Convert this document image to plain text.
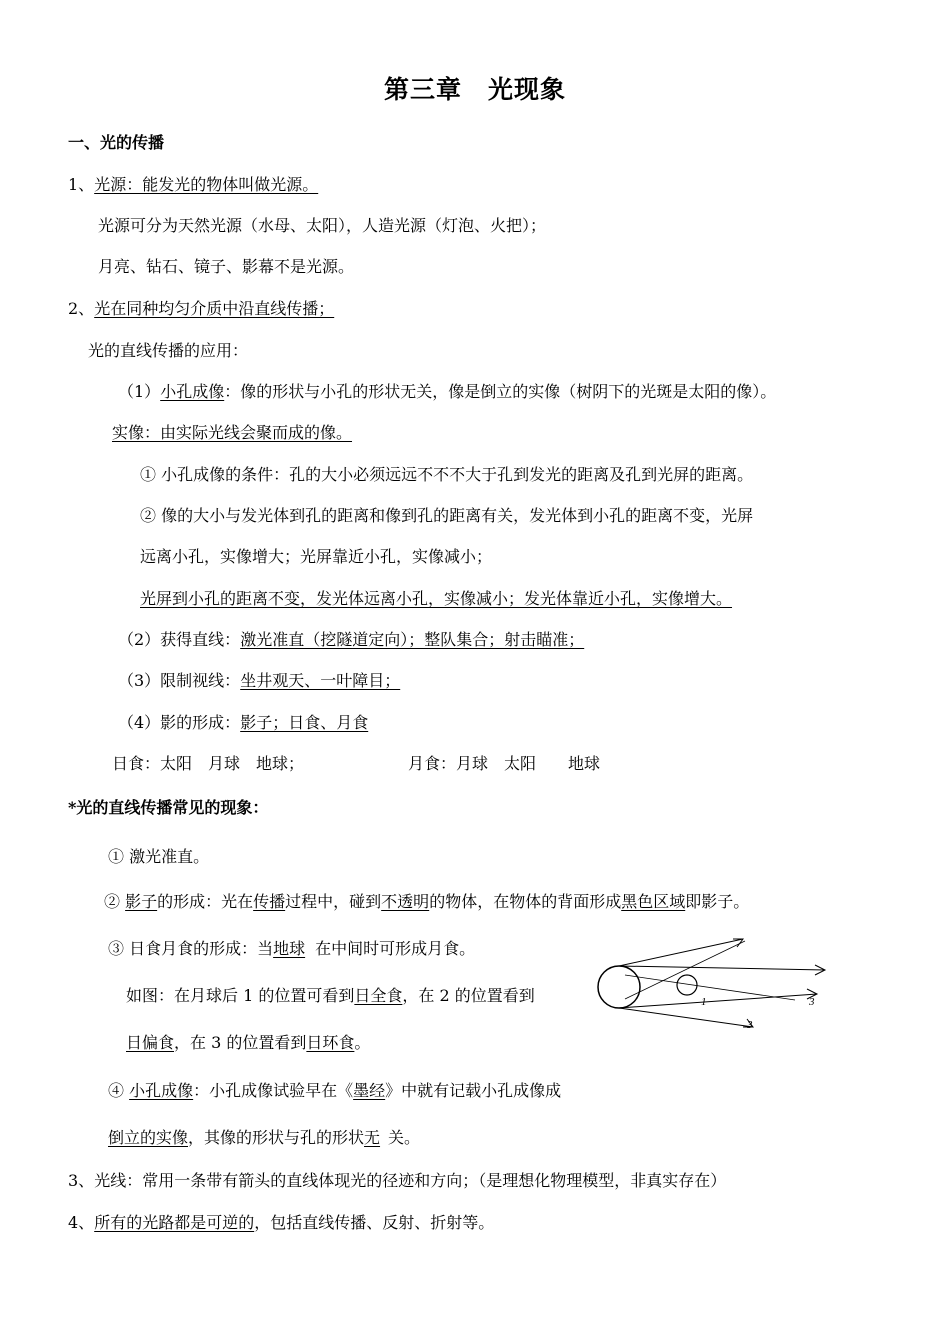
第三章　光现象
一、光的传播
1、光源：能发光的物体叫做光源。
光源可分为天然光源（水母、太阳），人造光源（灯泡、火把）；
月亮、钻石、镜子、影幕不是光源。
2、光在同种均匀介质中沿直线传播；
光的直线传播的应用：
（1）小孔成像：像的形状与小孔的形状无关，像是倒立的实像（树阴下的光斑是太阳的像）。
实像：由实际光线会聚而成的像。
① 小孔成像的条件：孔的大小必须远远不不不大于孔到发光的距离及孔到光屏的距离。
② 像的大小与发光体到孔的距离和像到孔的距离有关，发光体到小孔的距离不变，光屏
远离小孔，实像增大；光屏靠近小孔，实像减小；
光屏到小孔的距离不变，发光体远离小孔，实像减小；发光体靠近小孔，实像增大。
（2）获得直线：激光准直（挖隧道定向）；整队集合；射击瞄准；
（3）限制视线：坐井观天、一叶障目；
（4）影的形成：影子；日食、月食
日食：太阳　月球　地球；	月食：月球　太阳　　地球
*光的直线传播常见的现象：
① 激光准直。
② 影子的形成：光在传播过程中，碰到不透明的物体，在物体的背面形成黑色区域即影子。
③ 日食月食的形成：当地球 在中间时可形成月食。
如图：在月球后 1 的位置可看到日全食，在 2 的位置看到
日偏食，在 3 的位置看到日环食。
1	3
3
④ 小孔成像：小孔成像试验早在《墨经》中就有记载小孔成像成
倒立的实像，其像的形状与孔的形状无 关。
3、光线：常用一条带有箭头的直线体现光的径迹和方向；（是理想化物理模型，非真实存在）
4、所有的光路都是可逆的，包括直线传播、反射、折射等。
